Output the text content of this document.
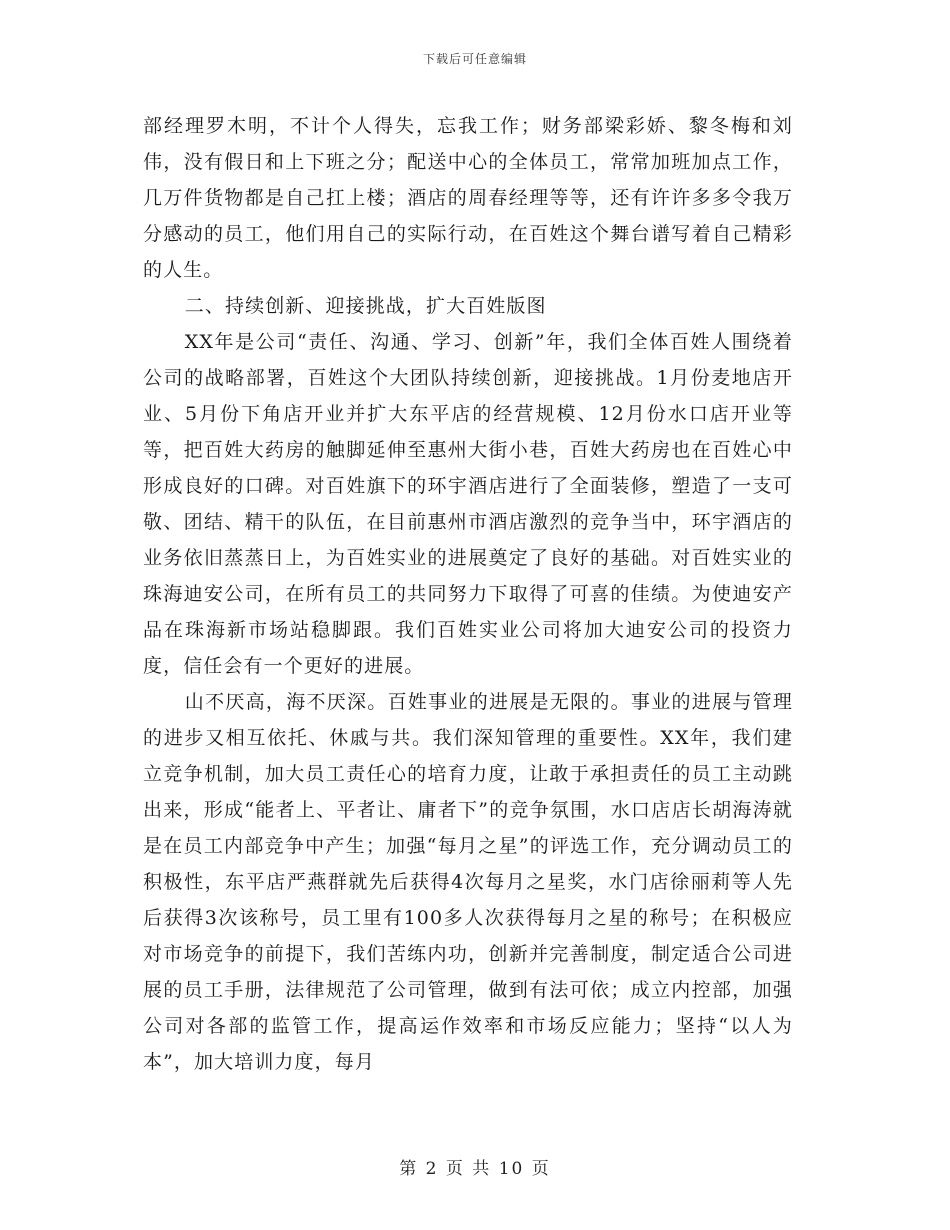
下载后可任意编辑

部经理罗木明，不计个人得失，忘我工作；财务部梁彩娇、黎冬梅和刘伟，没有假日和上下班之分；配送中心的全体员工，常常加班加点工作，几万件货物都是自己扛上楼；酒店的周春经理等等，还有许许多多令我万分感动的员工，他们用自己的实际行动，在百姓这个舞台谱写着自己精彩的人生。

二、持续创新、迎接挑战，扩大百姓版图

XX年是公司“责任、沟通、学习、创新”年，我们全体百姓人围绕着公司的战略部署，百姓这个大团队持续创新，迎接挑战。1月份麦地店开业、5月份下角店开业并扩大东平店的经营规模、12月份水口店开业等等，把百姓大药房的触脚延伸至惠州大街小巷，百姓大药房也在百姓心中形成良好的口碑。对百姓旗下的环宇酒店进行了全面装修，塑造了一支可敬、团结、精干的队伍，在目前惠州市酒店激烈的竞争当中，环宇酒店的业务依旧蒸蒸日上，为百姓实业的进展奠定了良好的基础。对百姓实业的珠海迪安公司，在所有员工的共同努力下取得了可喜的佳绩。为使迪安产品在珠海新市场站稳脚跟。我们百姓实业公司将加大迪安公司的投资力度，信任会有一个更好的进展。

山不厌高，海不厌深。百姓事业的进展是无限的。事业的进展与管理的进步又相互依托、休戚与共。我们深知管理的重要性。XX年，我们建立竞争机制，加大员工责任心的培育力度，让敢于承担责任的员工主动跳出来，形成“能者上、平者让、庸者下”的竞争氛围，水口店店长胡海涛就是在员工内部竞争中产生；加强“每月之星”的评选工作，充分调动员工的积极性，东平店严燕群就先后获得4次每月之星奖，水门店徐丽莉等人先后获得3次该称号，员工里有100多人次获得每月之星的称号；在积极应对市场竞争的前提下，我们苦练内功，创新并完善制度，制定适合公司进展的员工手册，法律规范了公司管理，做到有法可依；成立内控部，加强公司对各部的监管工作，提高运作效率和市场反应能力；坚持“以人为本”，加大培训力度，每月

第 2 页 共 10 页
